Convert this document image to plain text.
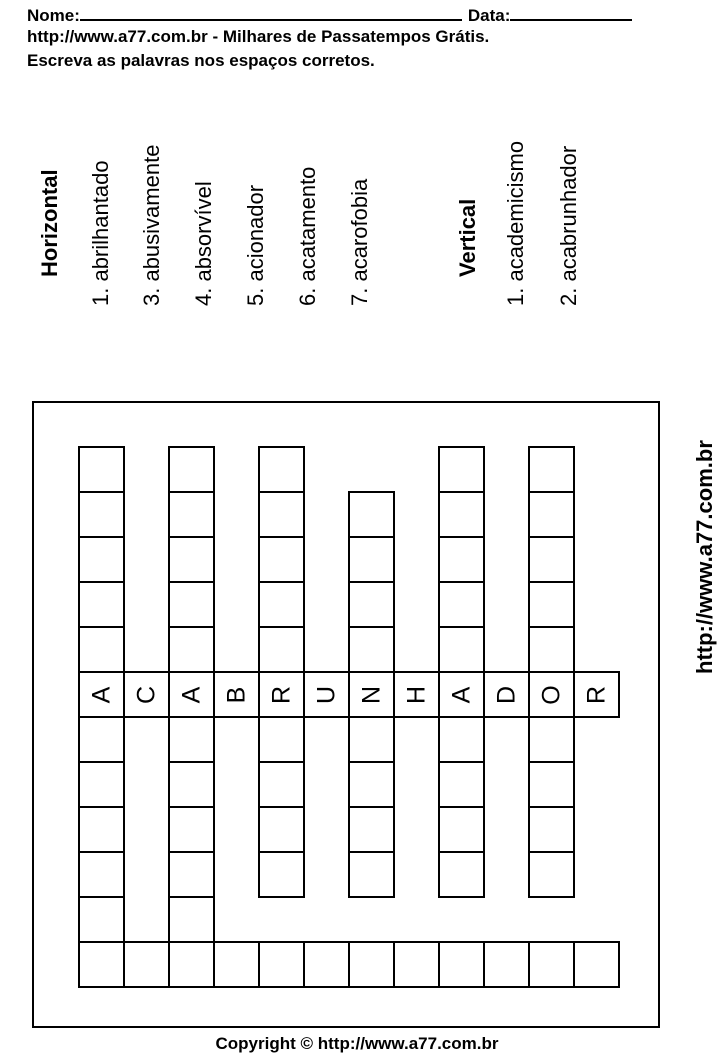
Nome:	Data:
http://www.a77.com.br - Milhares de Passatempos Grátis.
Escreva as palavras nos espaços corretos.
Horizontal 1. abrilhantado 3. abusivamente 4. absorvível 5. acionador 6. acatamento 7. acarofobia	Vertical 1. academicismo 2. acabrunhador
A C A B R U N H A D O R
http://www.a77.com.br
Copyright © http://www.a77.com.br
